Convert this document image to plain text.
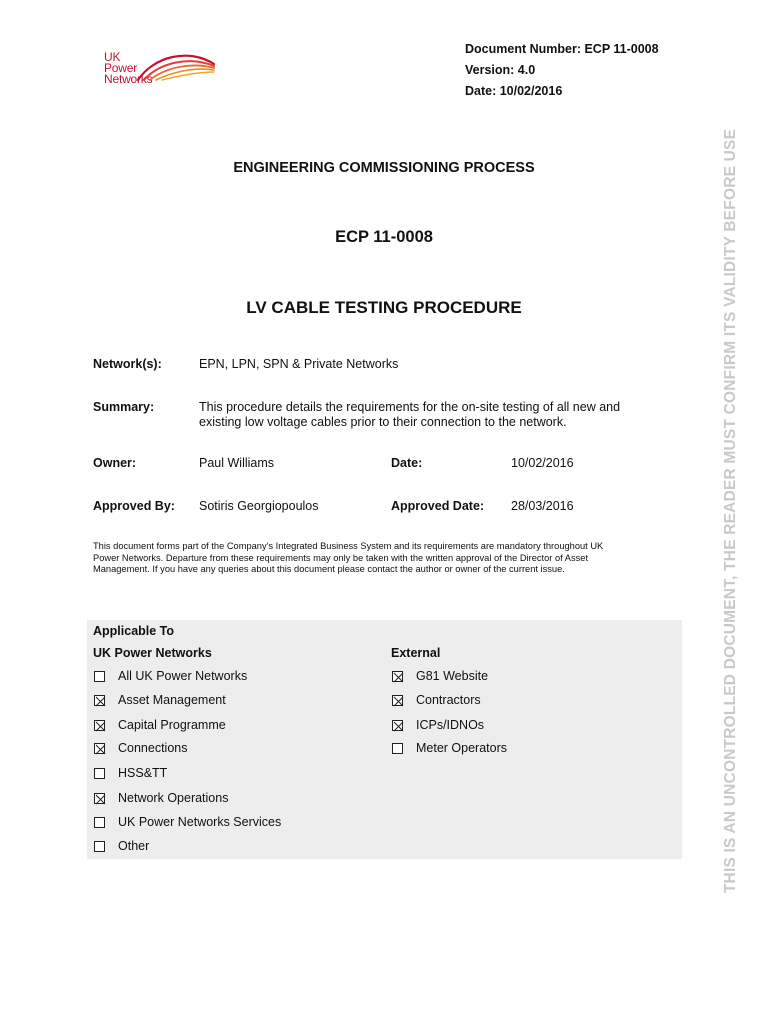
UK
Power
Networks
Document Number: ECP 11-0008
Version: 4.0
Date: 10/02/2016
ENGINEERING COMMISSIONING PROCESS
ECP 11-0008
LV CABLE TESTING PROCEDURE
Network(s):	EPN, LPN, SPN & Private Networks
Summary:	This procedure details the requirements for the on-site testing of all new and
existing low voltage cables prior to their connection to the network.
Owner:	Paul Williams	Date:	10/02/2016
Approved By: Sotiris Georgiopoulos	Approved Date: 28/03/2016
This document forms part of the Company's Integrated Business System and its requirements are mandatory throughout UK
Power Networks. Departure from these requirements may only be taken with the written approval of the Director of Asset
Management. If you have any queries about this document please contact the author or owner of the current issue.
Applicable To
UK Power Networks	External
All UK Power Networks
Asset Management
Capital Programme
Connections
HSS&TT
Network Operations
UK Power Networks Services
Other
G81 Website
Contractors
ICPs/IDNOs
Meter Operators	THIS IS AN UNCONTROLLED DOCUMENT, THE READER MUST CONFIRM ITS VALIDITY BEFORE USE
